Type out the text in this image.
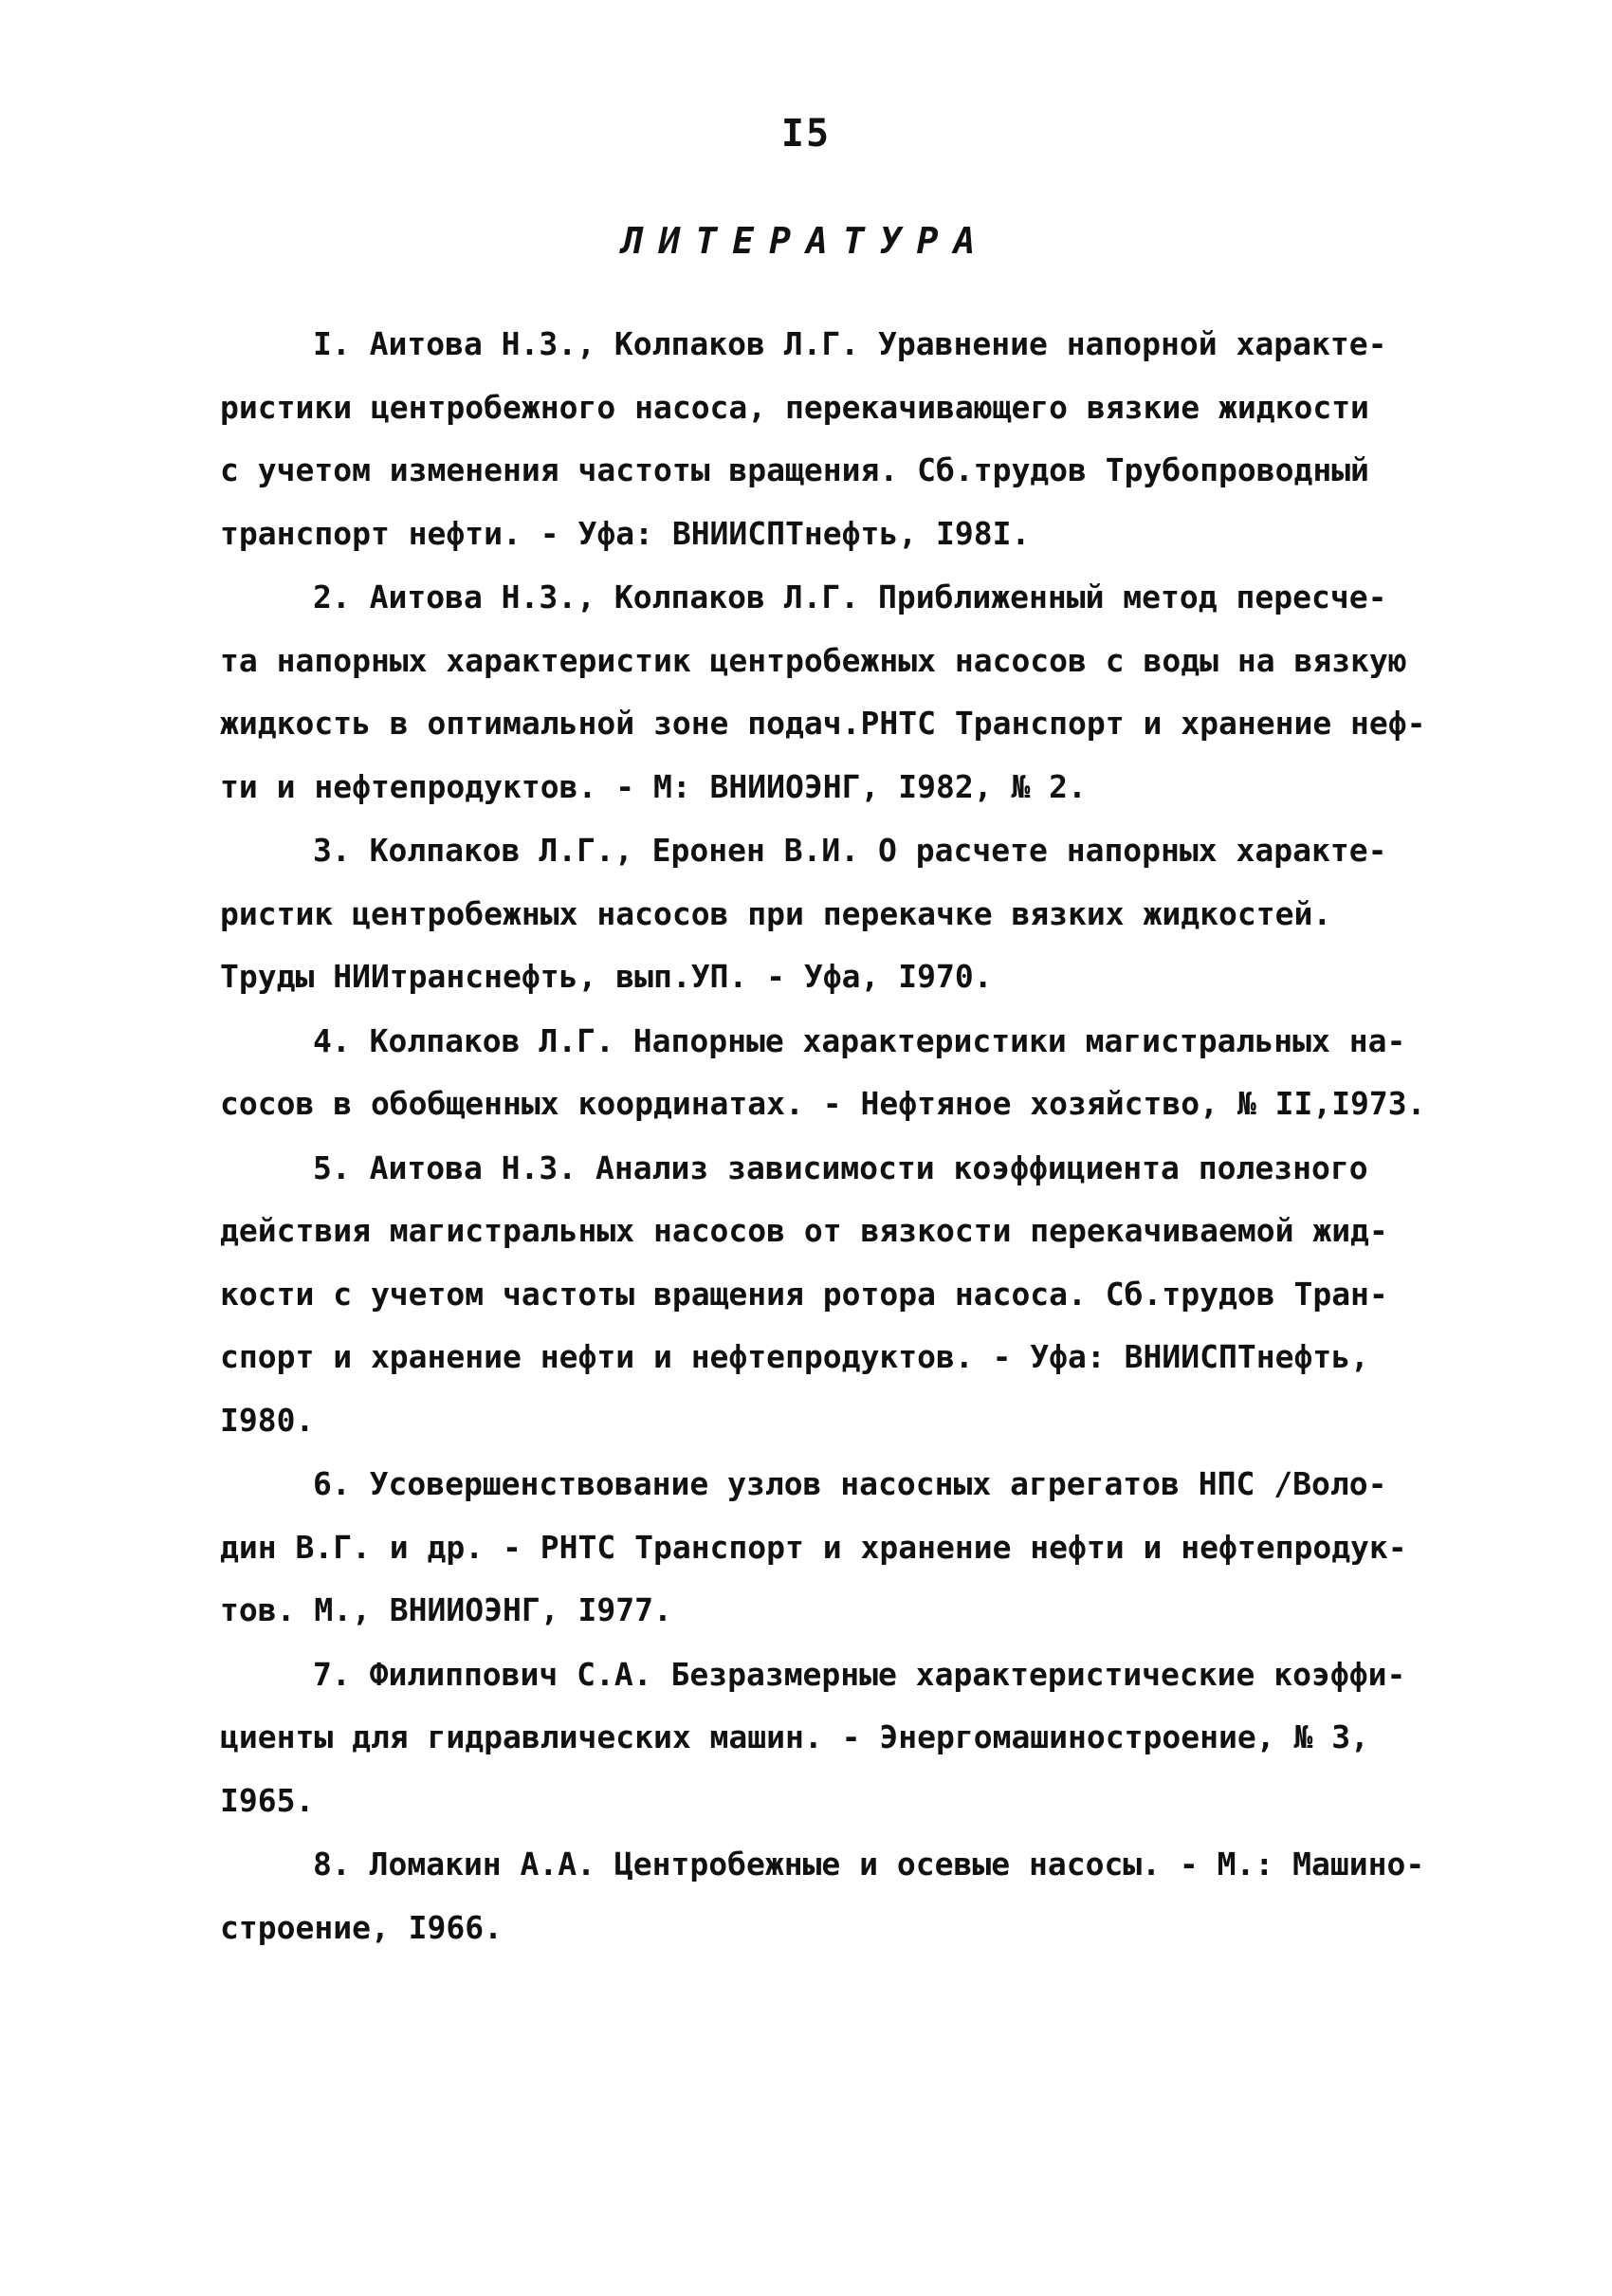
I5
ЛИТЕРАТУРА
I. Аитова Н.З., Колпаков Л.Г. Уравнение напорной характе-
ристики центробежного насоса, перекачивающего вязкие жидкости
с учетом изменения частоты вращения. Сб.трудов Трубопроводный
транспорт нефти. - Уфа: ВНИИСПТнефть, I98I.
2. Аитова Н.З., Колпаков Л.Г. Приближенный метод пересче-
та напорных характеристик центробежных насосов с воды на вязкую
жидкость в оптимальной зоне подач.РНТС Транспорт и хранение неф-
ти и нефтепродуктов. - М: ВНИИОЭНГ, I982, № 2.
3. Колпаков Л.Г., Еронен В.И. О расчете напорных характе-
ристик центробежных насосов при перекачке вязких жидкостей.
Труды НИИтранснефть, вып.УП. - Уфа, I970.
4. Колпаков Л.Г. Напорные характеристики магистральных на-
сосов в обобщенных координатах. - Нефтяное хозяйство, № II,I973.
5. Аитова Н.З. Анализ зависимости коэффициента полезного
действия магистральных насосов от вязкости перекачиваемой жид-
кости с учетом частоты вращения ротора насоса. Сб.трудов Тран-
спорт и хранение нефти и нефтепродуктов. - Уфа: ВНИИСПТнефть,
I980.
6. Усовершенствование узлов насосных агрегатов НПС /Воло-
дин В.Г. и др. - РНТС Транспорт и хранение нефти и нефтепродук-
тов. М., ВНИИОЭНГ, I977.
7. Филиппович С.А. Безразмерные характеристические коэффи-
циенты для гидравлических машин. - Энергомашиностроение, № 3,
I965.
8. Ломакин А.А. Центробежные и осевые насосы. - М.: Машино-
строение, I966.
